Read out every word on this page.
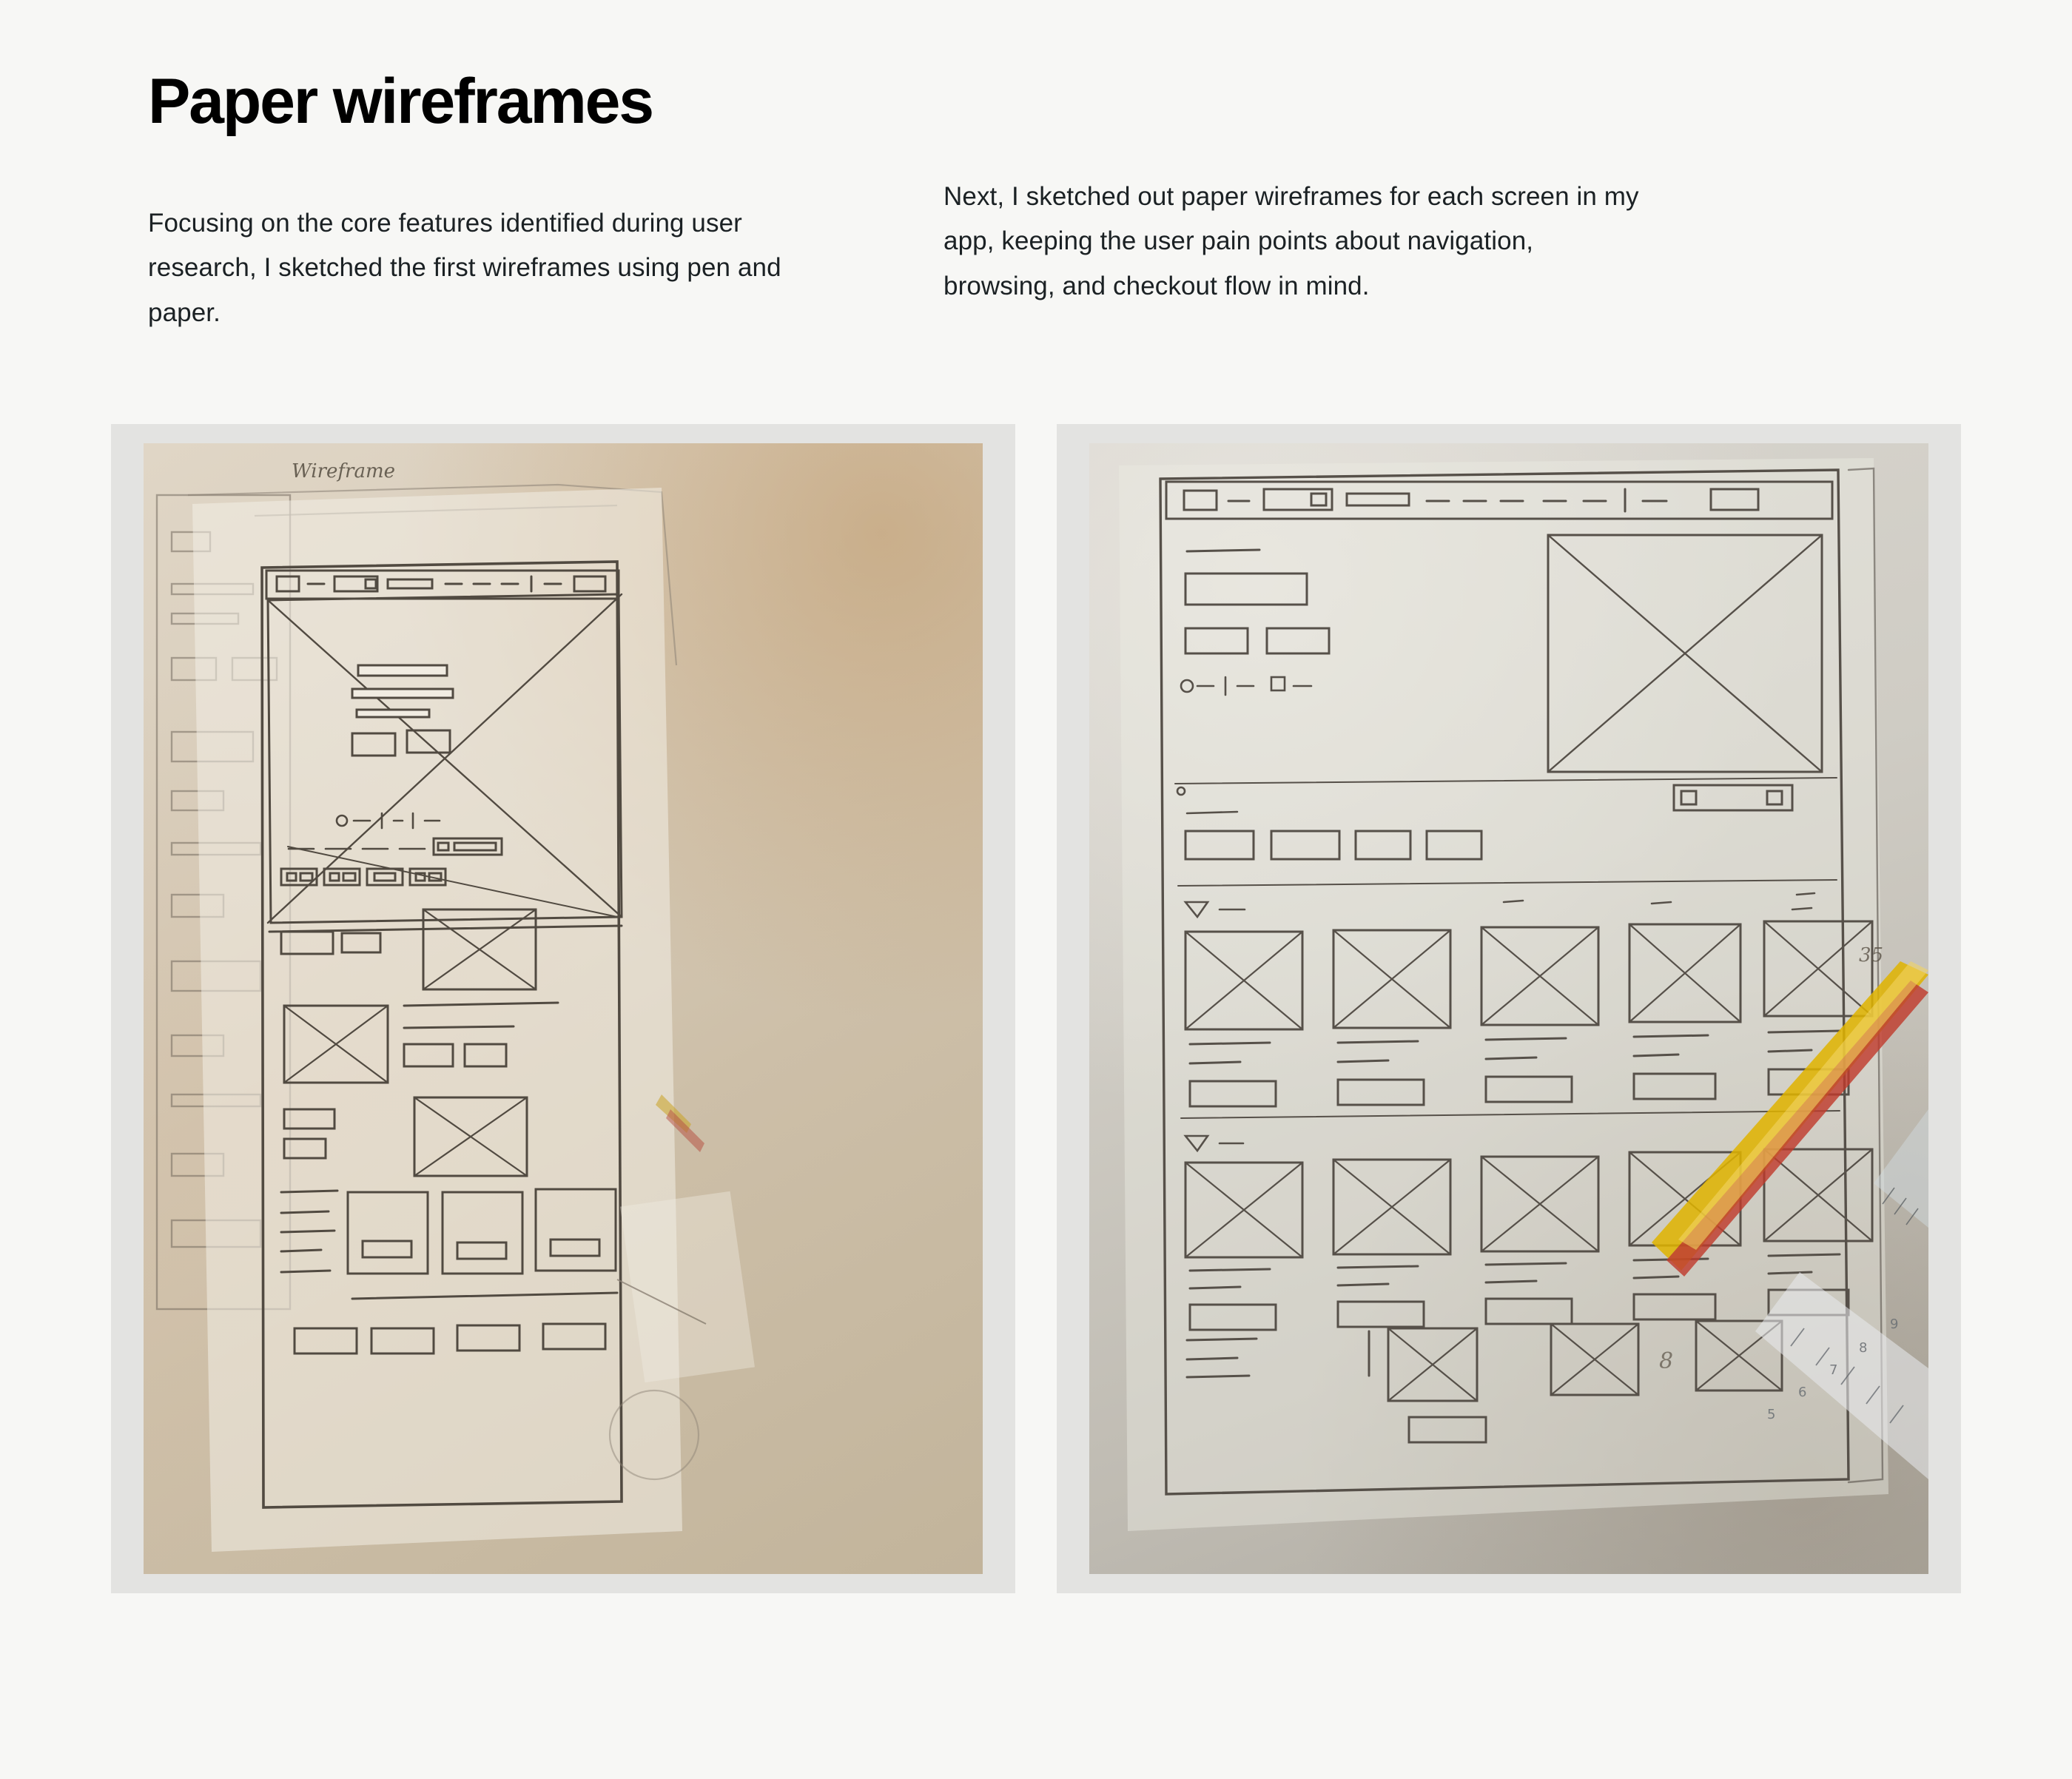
Paper wireframes

Focusing on the core features identified during user research, I sketched the first wireframes using pen and paper.

Next, I sketched out paper wireframes for each screen in my app, keeping the user pain points about navigation, browsing, and checkout flow in mind.

Wireframe
35
8
9
8
7
6
5
